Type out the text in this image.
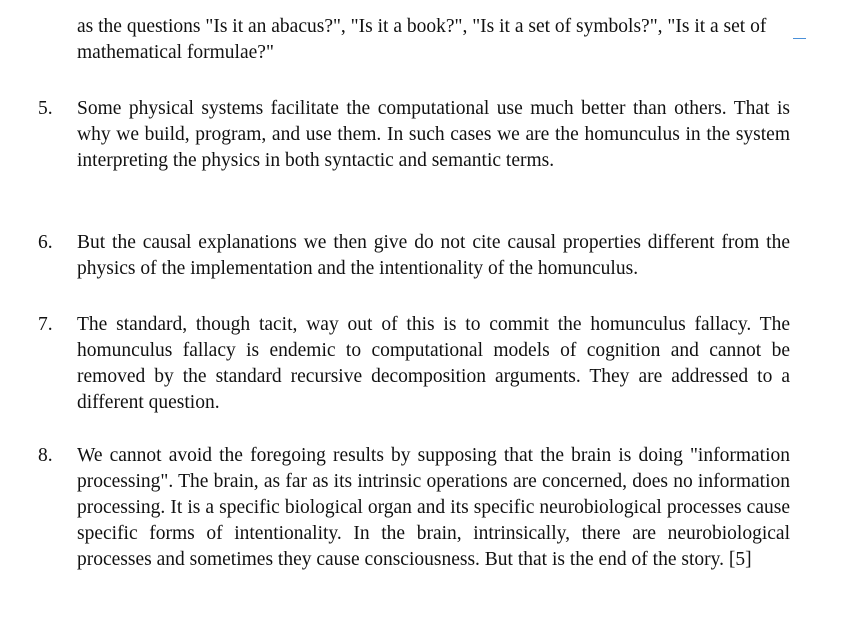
as the questions "Is it an abacus?", "Is it a book?", "Is it a set of symbols?", "Is it a set of mathematical formulae?"

5.	Some physical systems facilitate the computational use much better than others. That is why we build, program, and use them. In such cases we are the homunculus in the system interpreting the physics in both syntactic and semantic terms.
6.	But the causal explanations we then give do not cite causal properties different from the physics of the implementation and the intentionality of the homunculus.
7.	The standard, though tacit, way out of this is to commit the homunculus fallacy. The homunculus fallacy is endemic to computational models of cognition and cannot be removed by the standard recursive decomposition arguments. They are addressed to a different question.
8.	We cannot avoid the foregoing results by supposing that the brain is doing "information processing". The brain, as far as its intrinsic operations are concerned, does no information processing. It is a specific biological organ and its specific neurobiological processes cause specific forms of intentionality. In the brain, intrinsically, there are neurobiological processes and sometimes they cause consciousness. But that is the end of the story. [5]
